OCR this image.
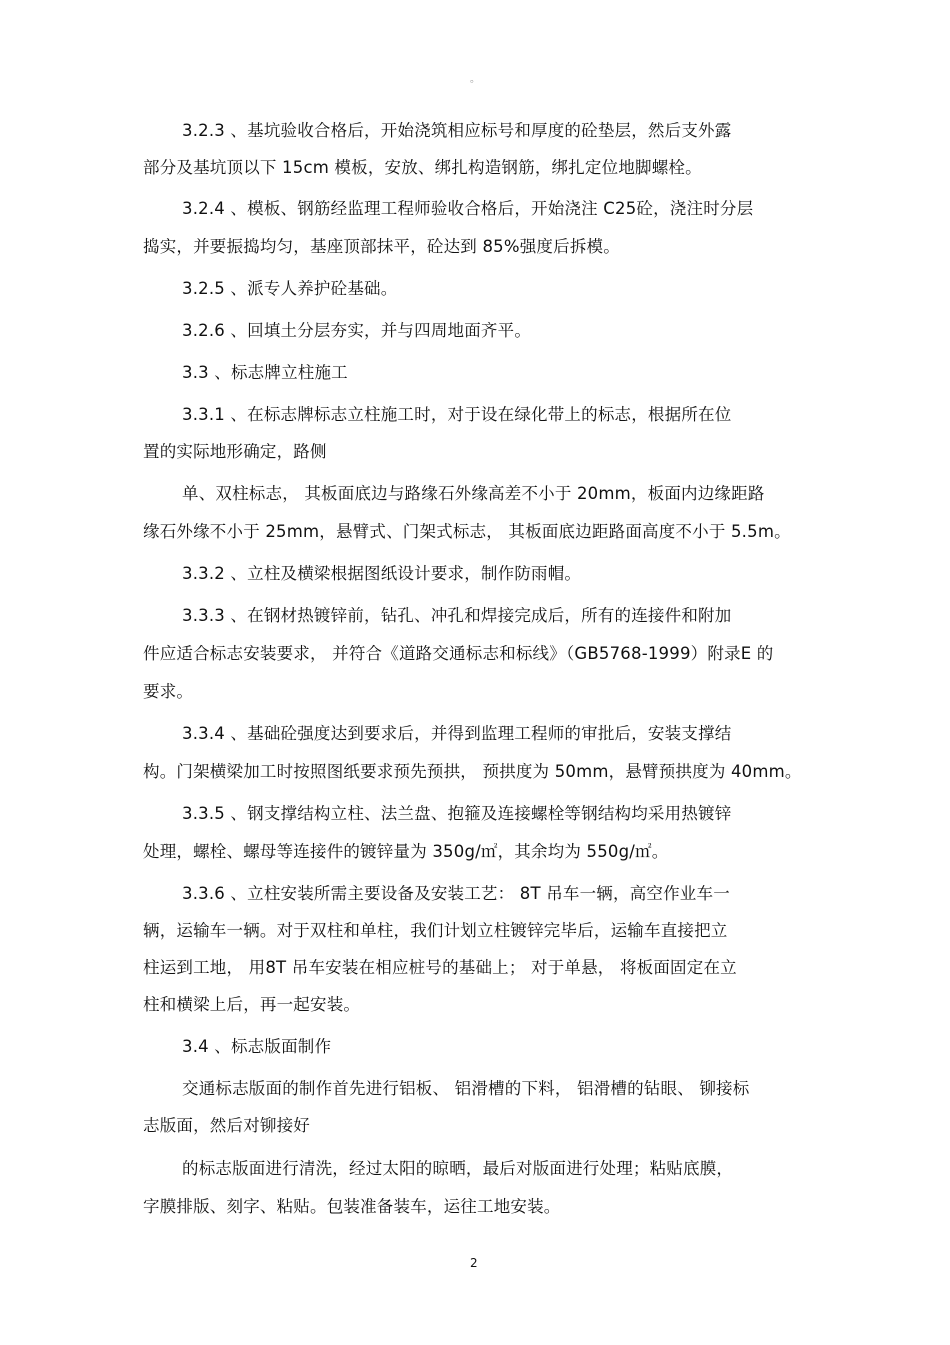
。
3.2.3 、基坑验收合格后，开始浇筑相应标号和厚度的砼垫层，然后支外露
部分及基坑顶以下 15cm 模板，安放、绑扎构造钢筋，绑扎定位地脚螺栓。
3.2.4 、模板、钢筋经监理工程师验收合格后，开始浇注 C25砼，浇注时分层
捣实，并要振捣均匀，基座顶部抹平，砼达到 85%强度后拆模。
3.2.5 、派专人养护砼基础。
3.2.6 、回填土分层夯实，并与四周地面齐平。
3.3 、标志牌立柱施工
3.3.1 、在标志牌标志立柱施工时，对于设在绿化带上的标志，根据所在位
置的实际地形确定，路侧
单、双柱标志， 其板面底边与路缘石外缘高差不小于 20mm，板面内边缘距路
缘石外缘不小于 25mm，悬臂式、门架式标志， 其板面底边距路面高度不小于 5.5m。
3.3.2 、立柱及横梁根据图纸设计要求，制作防雨帽。
3.3.3 、在钢材热镀锌前，钻孔、冲孔和焊接完成后，所有的连接件和附加
件应适合标志安装要求， 并符合《道路交通标志和标线》（GB5768-1999）附录E 的
要求。
3.3.4 、基础砼强度达到要求后，并得到监理工程师的审批后，安装支撑结
构。门架横梁加工时按照图纸要求预先预拱， 预拱度为 50mm，悬臂预拱度为 40mm。
3.3.5 、钢支撑结构立柱、法兰盘、抱箍及连接螺栓等钢结构均采用热镀锌
处理，螺栓、螺母等连接件的镀锌量为 350g/㎡，其余均为 550g/㎡。
3.3.6 、立柱安装所需主要设备及安装工艺： 8T 吊车一辆，高空作业车一
辆，运输车一辆。对于双柱和单柱，我们计划立柱镀锌完毕后，运输车直接把立
柱运到工地， 用8T 吊车安装在相应桩号的基础上； 对于单悬， 将板面固定在立
柱和横梁上后，再一起安装。
3.4 、标志版面制作
交通标志版面的制作首先进行铝板、 铝滑槽的下料， 铝滑槽的钻眼、 铆接标
志版面，然后对铆接好
的标志版面进行清洗，经过太阳的晾晒，最后对版面进行处理；粘贴底膜，
字膜排版、刻字、粘贴。包装准备装车，运往工地安装。
2
